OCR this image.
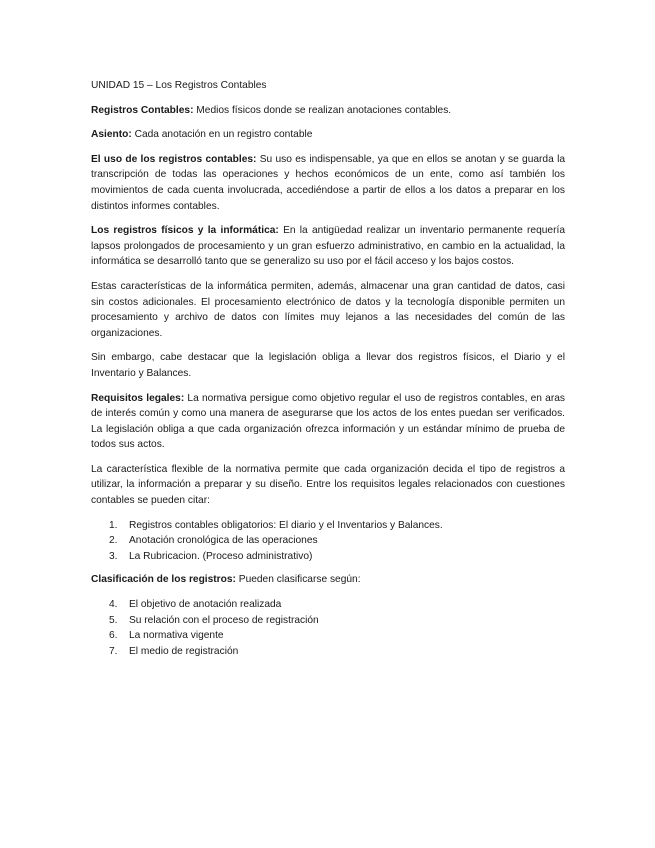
UNIDAD 15 – Los Registros Contables

Registros Contables: Medios físicos donde se realizan anotaciones contables.

Asiento: Cada anotación en un registro contable

El uso de los registros contables: Su uso es indispensable, ya que en ellos se anotan y se guarda la transcripción de todas las operaciones y hechos económicos de un ente, como así también los movimientos de cada cuenta involucrada, accediéndose a partir de ellos a los datos a preparar en los distintos informes contables.

Los registros físicos y la informática: En la antigüedad realizar un inventario permanente requería lapsos prolongados de procesamiento y un gran esfuerzo administrativo, en cambio en la actualidad, la informática se desarrolló tanto que se generalizo su uso por el fácil acceso y los bajos costos.

Estas características de la informática permiten, además, almacenar una gran cantidad de datos, casi sin costos adicionales. El procesamiento electrónico de datos y la tecnología disponible permiten un procesamiento y archivo de datos con límites muy lejanos a las necesidades del común de las organizaciones.

Sin embargo, cabe destacar que la legislación obliga a llevar dos registros físicos, el Diario y el Inventario y Balances.

Requisitos legales: La normativa persigue como objetivo regular el uso de registros contables, en aras de interés común y como una manera de asegurarse que los actos de los entes puedan ser verificados. La legislación obliga a que cada organización ofrezca información y un estándar mínimo de prueba de todos sus actos.

La característica flexible de la normativa permite que cada organización decida el tipo de registros a utilizar, la información a preparar y su diseño. Entre los requisitos legales relacionados con cuestiones contables se pueden citar:

1.	Registros contables obligatorios: El diario y el Inventarios y Balances.
2.	Anotación cronológica de las operaciones
3.	La Rubricacion. (Proceso administrativo)

Clasificación de los registros: Pueden clasificarse según:

4.	El objetivo de anotación realizada
5.	Su relación con el proceso de registración
6.	La normativa vigente
7.	El medio de registración
